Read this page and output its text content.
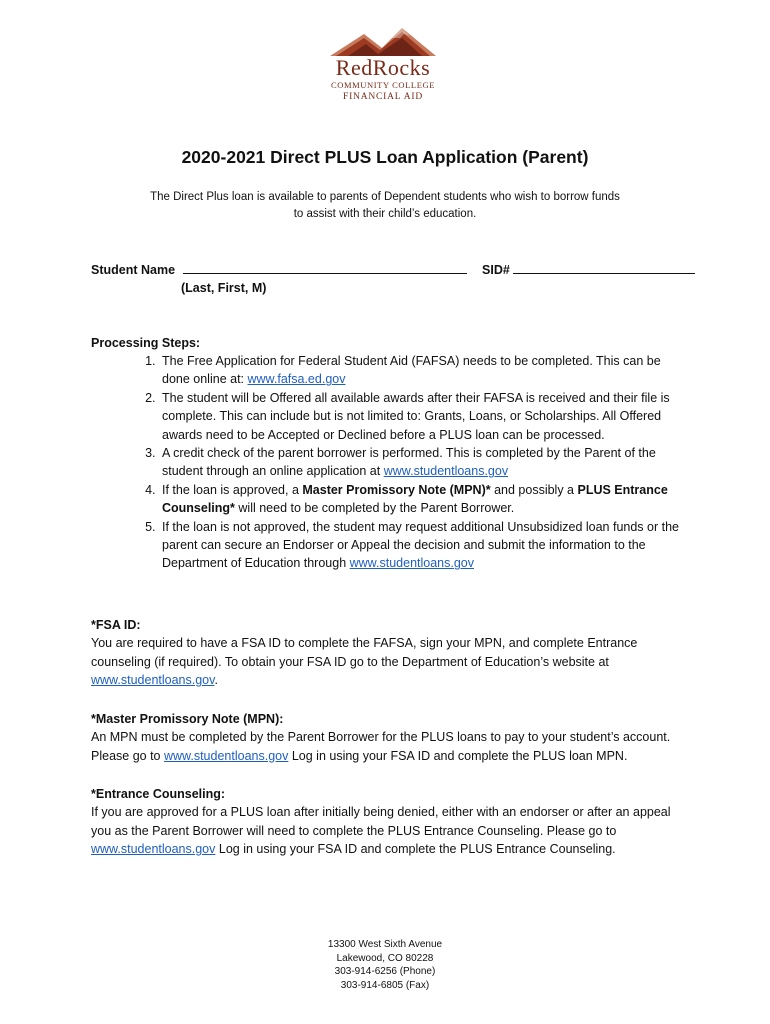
RedRocks
COMMUNITY COLLEGE
FINANCIAL AID
2020-2021 Direct PLUS Loan Application (Parent)
The Direct Plus loan is available to parents of Dependent students who wish to borrow funds
to assist with their child’s education.
Student Name	SID#
(Last, First, M)
Processing Steps:
1. The Free Application for Federal Student Aid (FAFSA) needs to be completed. This can be done online at: www.fafsa.ed.gov
2. The student will be Offered all available awards after their FAFSA is received and their file is complete. This can include but is not limited to: Grants, Loans, or Scholarships. All Offered awards need to be Accepted or Declined before a PLUS loan can be processed.
3. A credit check of the parent borrower is performed. This is completed by the Parent of the student through an online application at www.studentloans.gov
4. If the loan is approved, a Master Promissory Note (MPN)* and possibly a PLUS Entrance Counseling* will need to be completed by the Parent Borrower.
5. If the loan is not approved, the student may request additional Unsubsidized loan funds or the parent can secure an Endorser or Appeal the decision and submit the information to the Department of Education through www.studentloans.gov
*FSA ID:
You are required to have a FSA ID to complete the FAFSA, sign your MPN, and complete Entrance counseling (if required). To obtain your FSA ID go to the Department of Education’s website at www.studentloans.gov.
*Master Promissory Note (MPN):
An MPN must be completed by the Parent Borrower for the PLUS loans to pay to your student’s account. Please go to www.studentloans.gov Log in using your FSA ID and complete the PLUS loan MPN.
*Entrance Counseling:
If you are approved for a PLUS loan after initially being denied, either with an endorser or after an appeal you as the Parent Borrower will need to complete the PLUS Entrance Counseling. Please go to www.studentloans.gov Log in using your FSA ID and complete the PLUS Entrance Counseling.
13300 West Sixth Avenue
Lakewood, CO 80228
303-914-6256 (Phone)
303-914-6805 (Fax)
